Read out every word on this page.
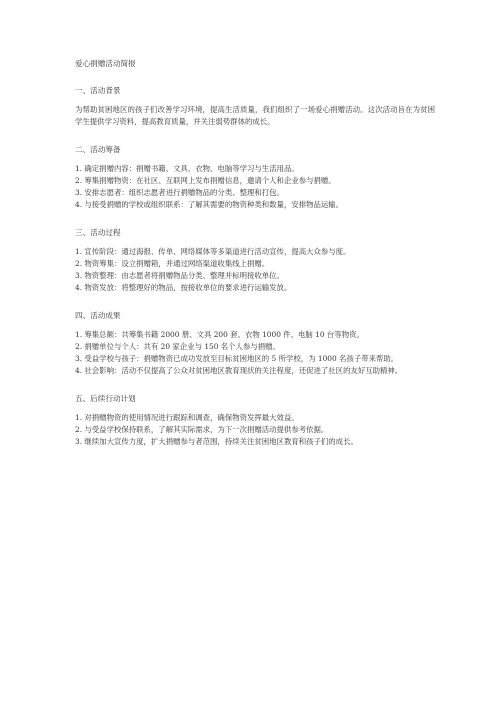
爱心捐赠活动简报
一、活动背景

为帮助贫困地区的孩子们改善学习环境，提高生活质量，我们组织了一场爱心捐赠活动。这次活动旨在为贫困学生提供学习资料，提高教育质量，并关注弱势群体的成长。

二、活动筹备
1. 确定捐赠内容：捐赠书籍、文具、衣物、电脑等学习与生活用品。
2. 筹集捐赠物资：在社区、互联网上发布捐赠信息，邀请个人和企业参与捐赠。
3. 安排志愿者：组织志愿者进行捐赠物品的分类、整理和打包。
4. 与接受捐赠的学校或组织联系：了解其需要的物资种类和数量，安排物品运输。
三、活动过程
1. 宣传阶段：通过海报、传单、网络媒体等多渠道进行活动宣传，提高大众参与度。
2. 物资筹集：设立捐赠箱，并通过网络渠道收集线上捐赠。
3. 物资整理：由志愿者将捐赠物品分类、整理并标明接收单位。
4. 物资发放：将整理好的物品，按接收单位的要求进行运输发放。
四、活动成果
1. 筹集总额：共筹集书籍 2000 册、文具 200 套、衣物 1000 件、电脑 10 台等物资。
2. 捐赠单位与个人：共有 20 家企业与 150 名个人参与捐赠。
3. 受益学校与孩子：捐赠物资已成功发放至目标贫困地区的 5 所学校，为 1000 名孩子带来帮助。
4. 社会影响：活动不仅提高了公众对贫困地区教育现状的关注程度，还促进了社区的友好互助精神。
五、后续行动计划
1. 对捐赠物资的使用情况进行跟踪和调查，确保物资发挥最大效益。
2. 与受益学校保持联系，了解其实际需求，为下一次捐赠活动提供参考依据。
3. 继续加大宣传力度，扩大捐赠参与者范围，持续关注贫困地区教育和孩子们的成长。
